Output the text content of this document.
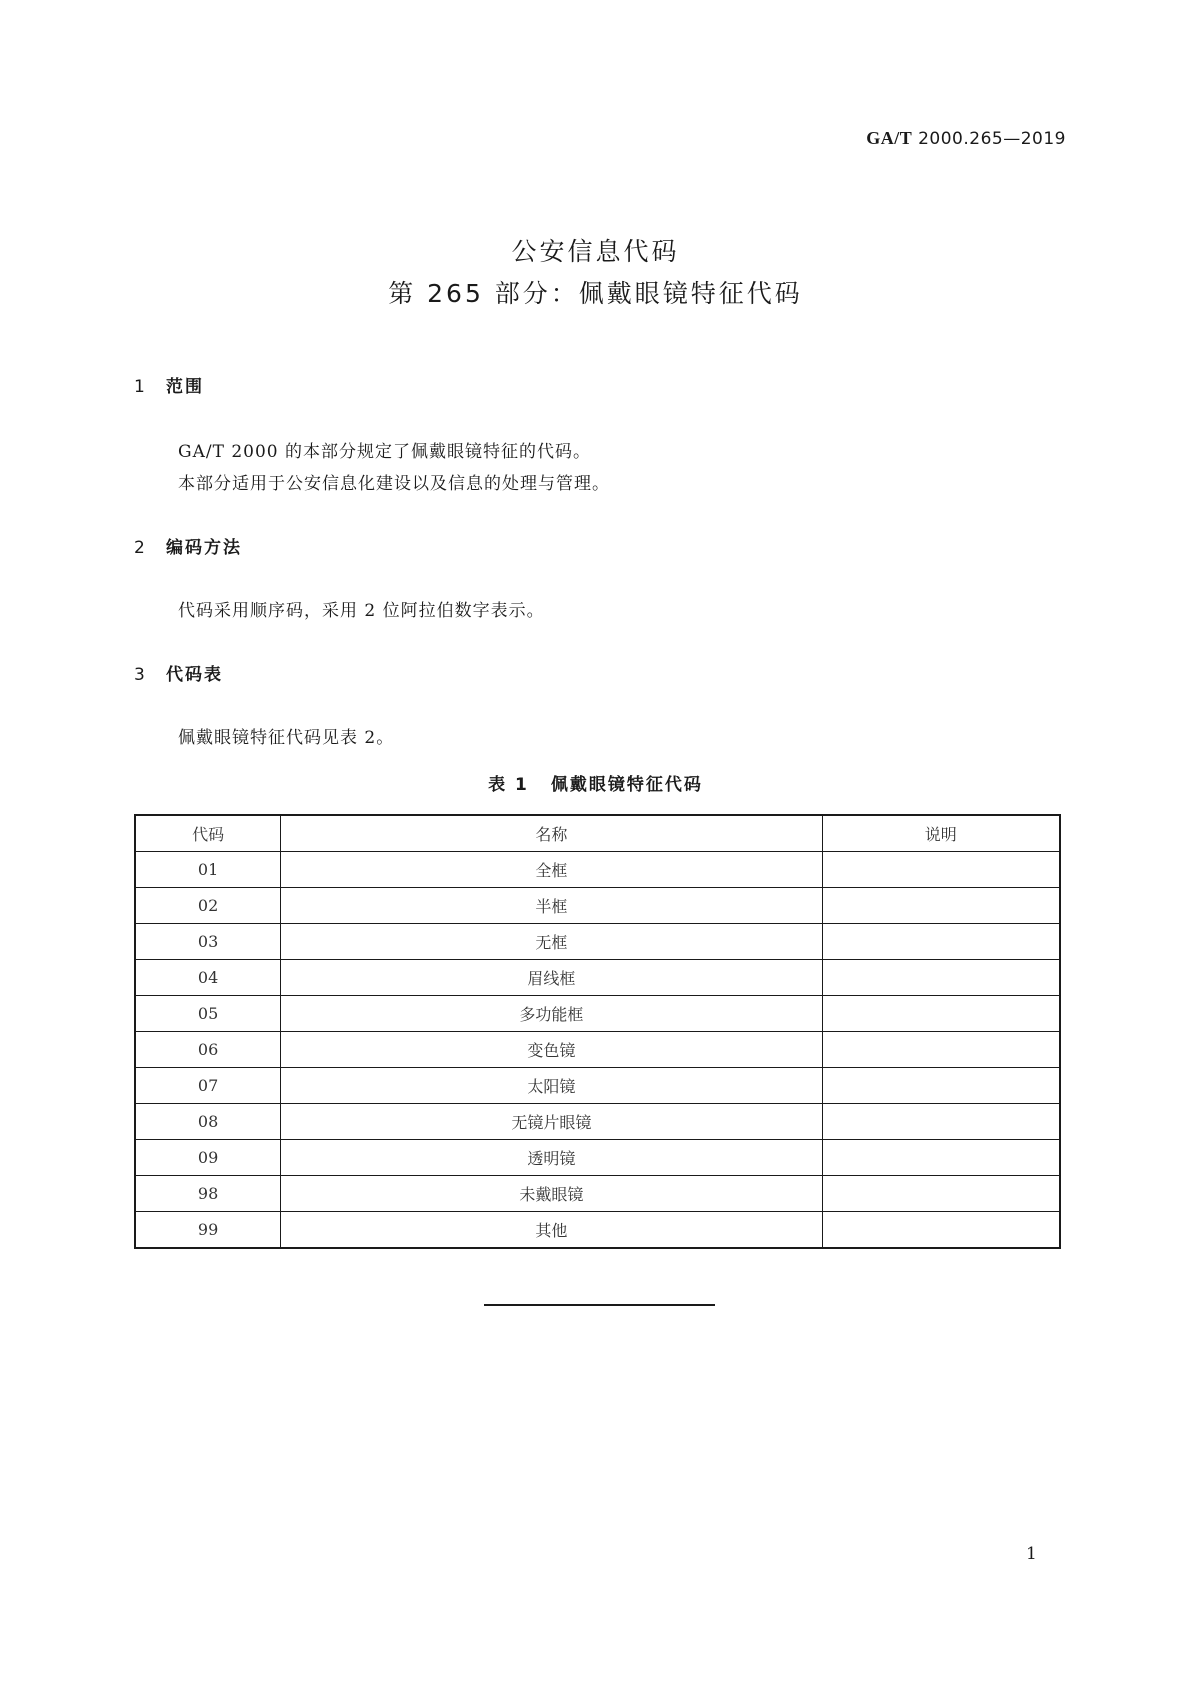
GA/T 2000.265—2019
公安信息代码
第 265 部分：佩戴眼镜特征代码
1 范围
GA/T 2000 的本部分规定了佩戴眼镜特征的代码。
本部分适用于公安信息化建设以及信息的处理与管理。
2 编码方法
代码采用顺序码，采用 2 位阿拉伯数字表示。
3 代码表
佩戴眼镜特征代码见表 2。
表 1 佩戴眼镜特征代码
代码	名称	说明
01	全框	
02	半框	
03	无框	
04	眉线框	
05	多功能框	
06	变色镜	
07	太阳镜	
08	无镜片眼镜	
09	透明镜	
98	未戴眼镜	
99	其他	
1
